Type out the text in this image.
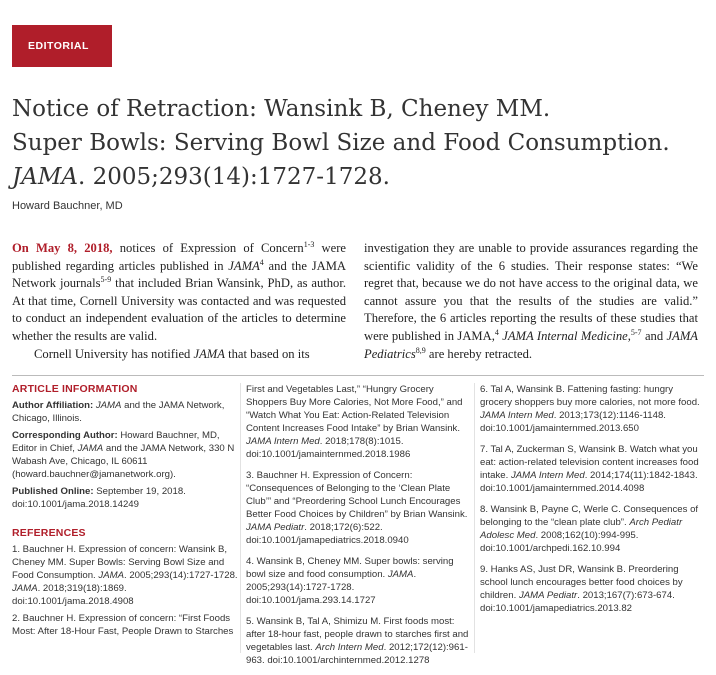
EDITORIAL
Notice of Retraction: Wansink B, Cheney MM.
Super Bowls: Serving Bowl Size and Food Consumption.
JAMA. 2005;293(14):1727-1728.
Howard Bauchner, MD

On May 8, 2018, notices of Expression of Concern$^{1-3}$ were published regarding articles published in JAMA$^4$ and the JAMA Network journals$^{5-9}$ that included Brian Wansink, PhD, as author. At that time, Cornell University was contacted and was requested to conduct an independent evaluation of the articles to determine whether the results are valid.

Cornell University has notified JAMA that based on its

investigation they are unable to provide assurances regarding the scientific validity of the 6 studies. Their response states: “We regret that, because we do not have access to the original data, we cannot assure you that the results of the studies are valid.” Therefore, the 6 articles reporting the results of these studies that were published in JAMA,$^4$ JAMA Internal Medicine,$^{5-7}$ and JAMA Pediatrics$^{8,9}$ are hereby retracted.

ARTICLE INFORMATION

Author Affiliation: JAMA and the JAMA Network, Chicago, Illinois.

Corresponding Author: Howard Bauchner, MD, Editor in Chief, JAMA and the JAMA Network, 330 N Wabash Ave, Chicago, IL 60611 (howard.bauchner@jamanetwork.org).

Published Online: September 19, 2018. doi:10.1001/jama.2018.14249

REFERENCES

1. Bauchner H. Expression of concern: Wansink B, Cheney MM. Super Bowls: Serving Bowl Size and Food Consumption. JAMA. 2005;293(14):1727-1728. JAMA. 2018;319(18):1869. doi:10.1001/jama.2018.4908

2. Bauchner H. Expression of concern: “First Foods Most: After 18-Hour Fast, People Drawn to Starches

First and Vegetables Last,” “Hungry Grocery Shoppers Buy More Calories, Not More Food,” and “Watch What You Eat: Action-Related Television Content Increases Food Intake” by Brian Wansink. JAMA Intern Med. 2018;178(8):1015. doi:10.1001/jamainternmed.2018.1986

3. Bauchner H. Expression of Concern: “Consequences of Belonging to the ‘Clean Plate Club’” and “Preordering School Lunch Encourages Better Food Choices by Children” by Brian Wansink. JAMA Pediatr. 2018;172(6):522. doi:10.1001/jamapediatrics.2018.0940

4. Wansink B, Cheney MM. Super bowls: serving bowl size and food consumption. JAMA. 2005;293(14):1727-1728. doi:10.1001/jama.293.14.1727

5. Wansink B, Tal A, Shimizu M. First foods most: after 18-hour fast, people drawn to starches first and vegetables last. Arch Intern Med. 2012;172(12):961-963. doi:10.1001/archinternmed.2012.1278

6. Tal A, Wansink B. Fattening fasting: hungry grocery shoppers buy more calories, not more food. JAMA Intern Med. 2013;173(12):1146-1148. doi:10.1001/jamainternmed.2013.650

7. Tal A, Zuckerman S, Wansink B. Watch what you eat: action-related television content increases food intake. JAMA Intern Med. 2014;174(11):1842-1843. doi:10.1001/jamainternmed.2014.4098

8. Wansink B, Payne C, Werle C. Consequences of belonging to the “clean plate club”. Arch Pediatr Adolesc Med. 2008;162(10):994-995. doi:10.1001/archpedi.162.10.994

9. Hanks AS, Just DR, Wansink B. Preordering school lunch encourages better food choices by children. JAMA Pediatr. 2013;167(7):673-674. doi:10.1001/jamapediatrics.2013.82
